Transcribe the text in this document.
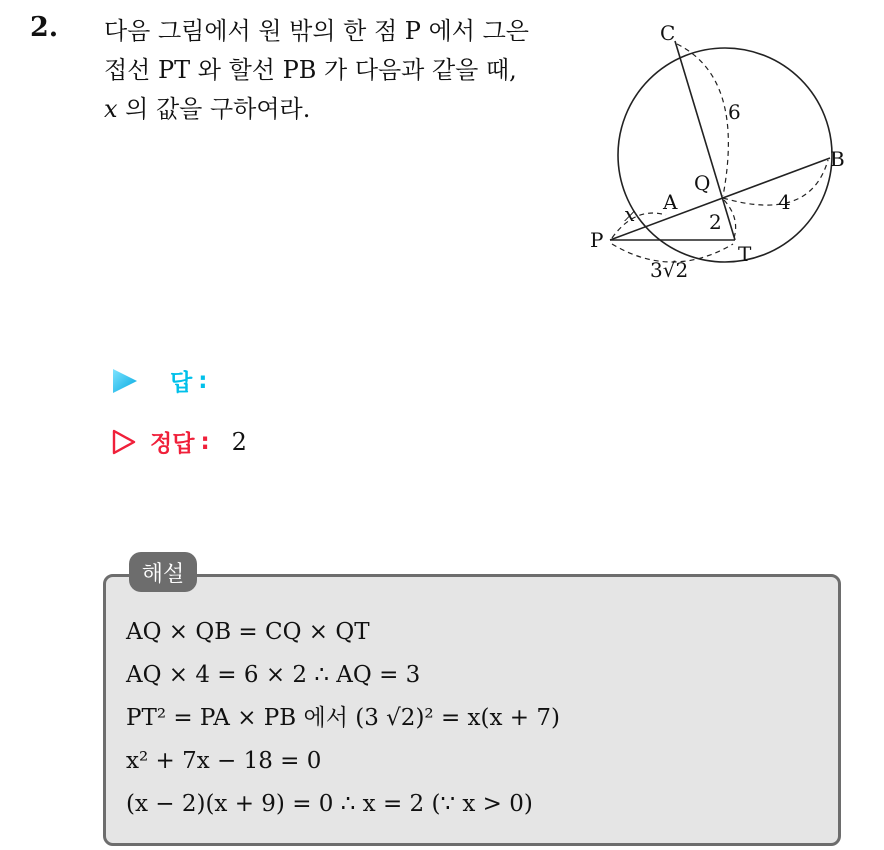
2. 다음 그림에서 원 밖의 한 점 P 에서 그은
접선 PT 와 할선 PB 가 다음과 같을 때,
x 의 값을 구하여라.
C
B
Q
A
P
T
x
6
4
2
3√2
답 :
정답 : 2
해설
AQ × QB = CQ × QT
AQ × 4 = 6 × 2 ∴ AQ = 3
PT² = PA × PB 에서 (3 √2)² = x(x + 7)
x² + 7x − 18 = 0
(x − 2)(x + 9) = 0 ∴ x = 2 (∵ x > 0)
